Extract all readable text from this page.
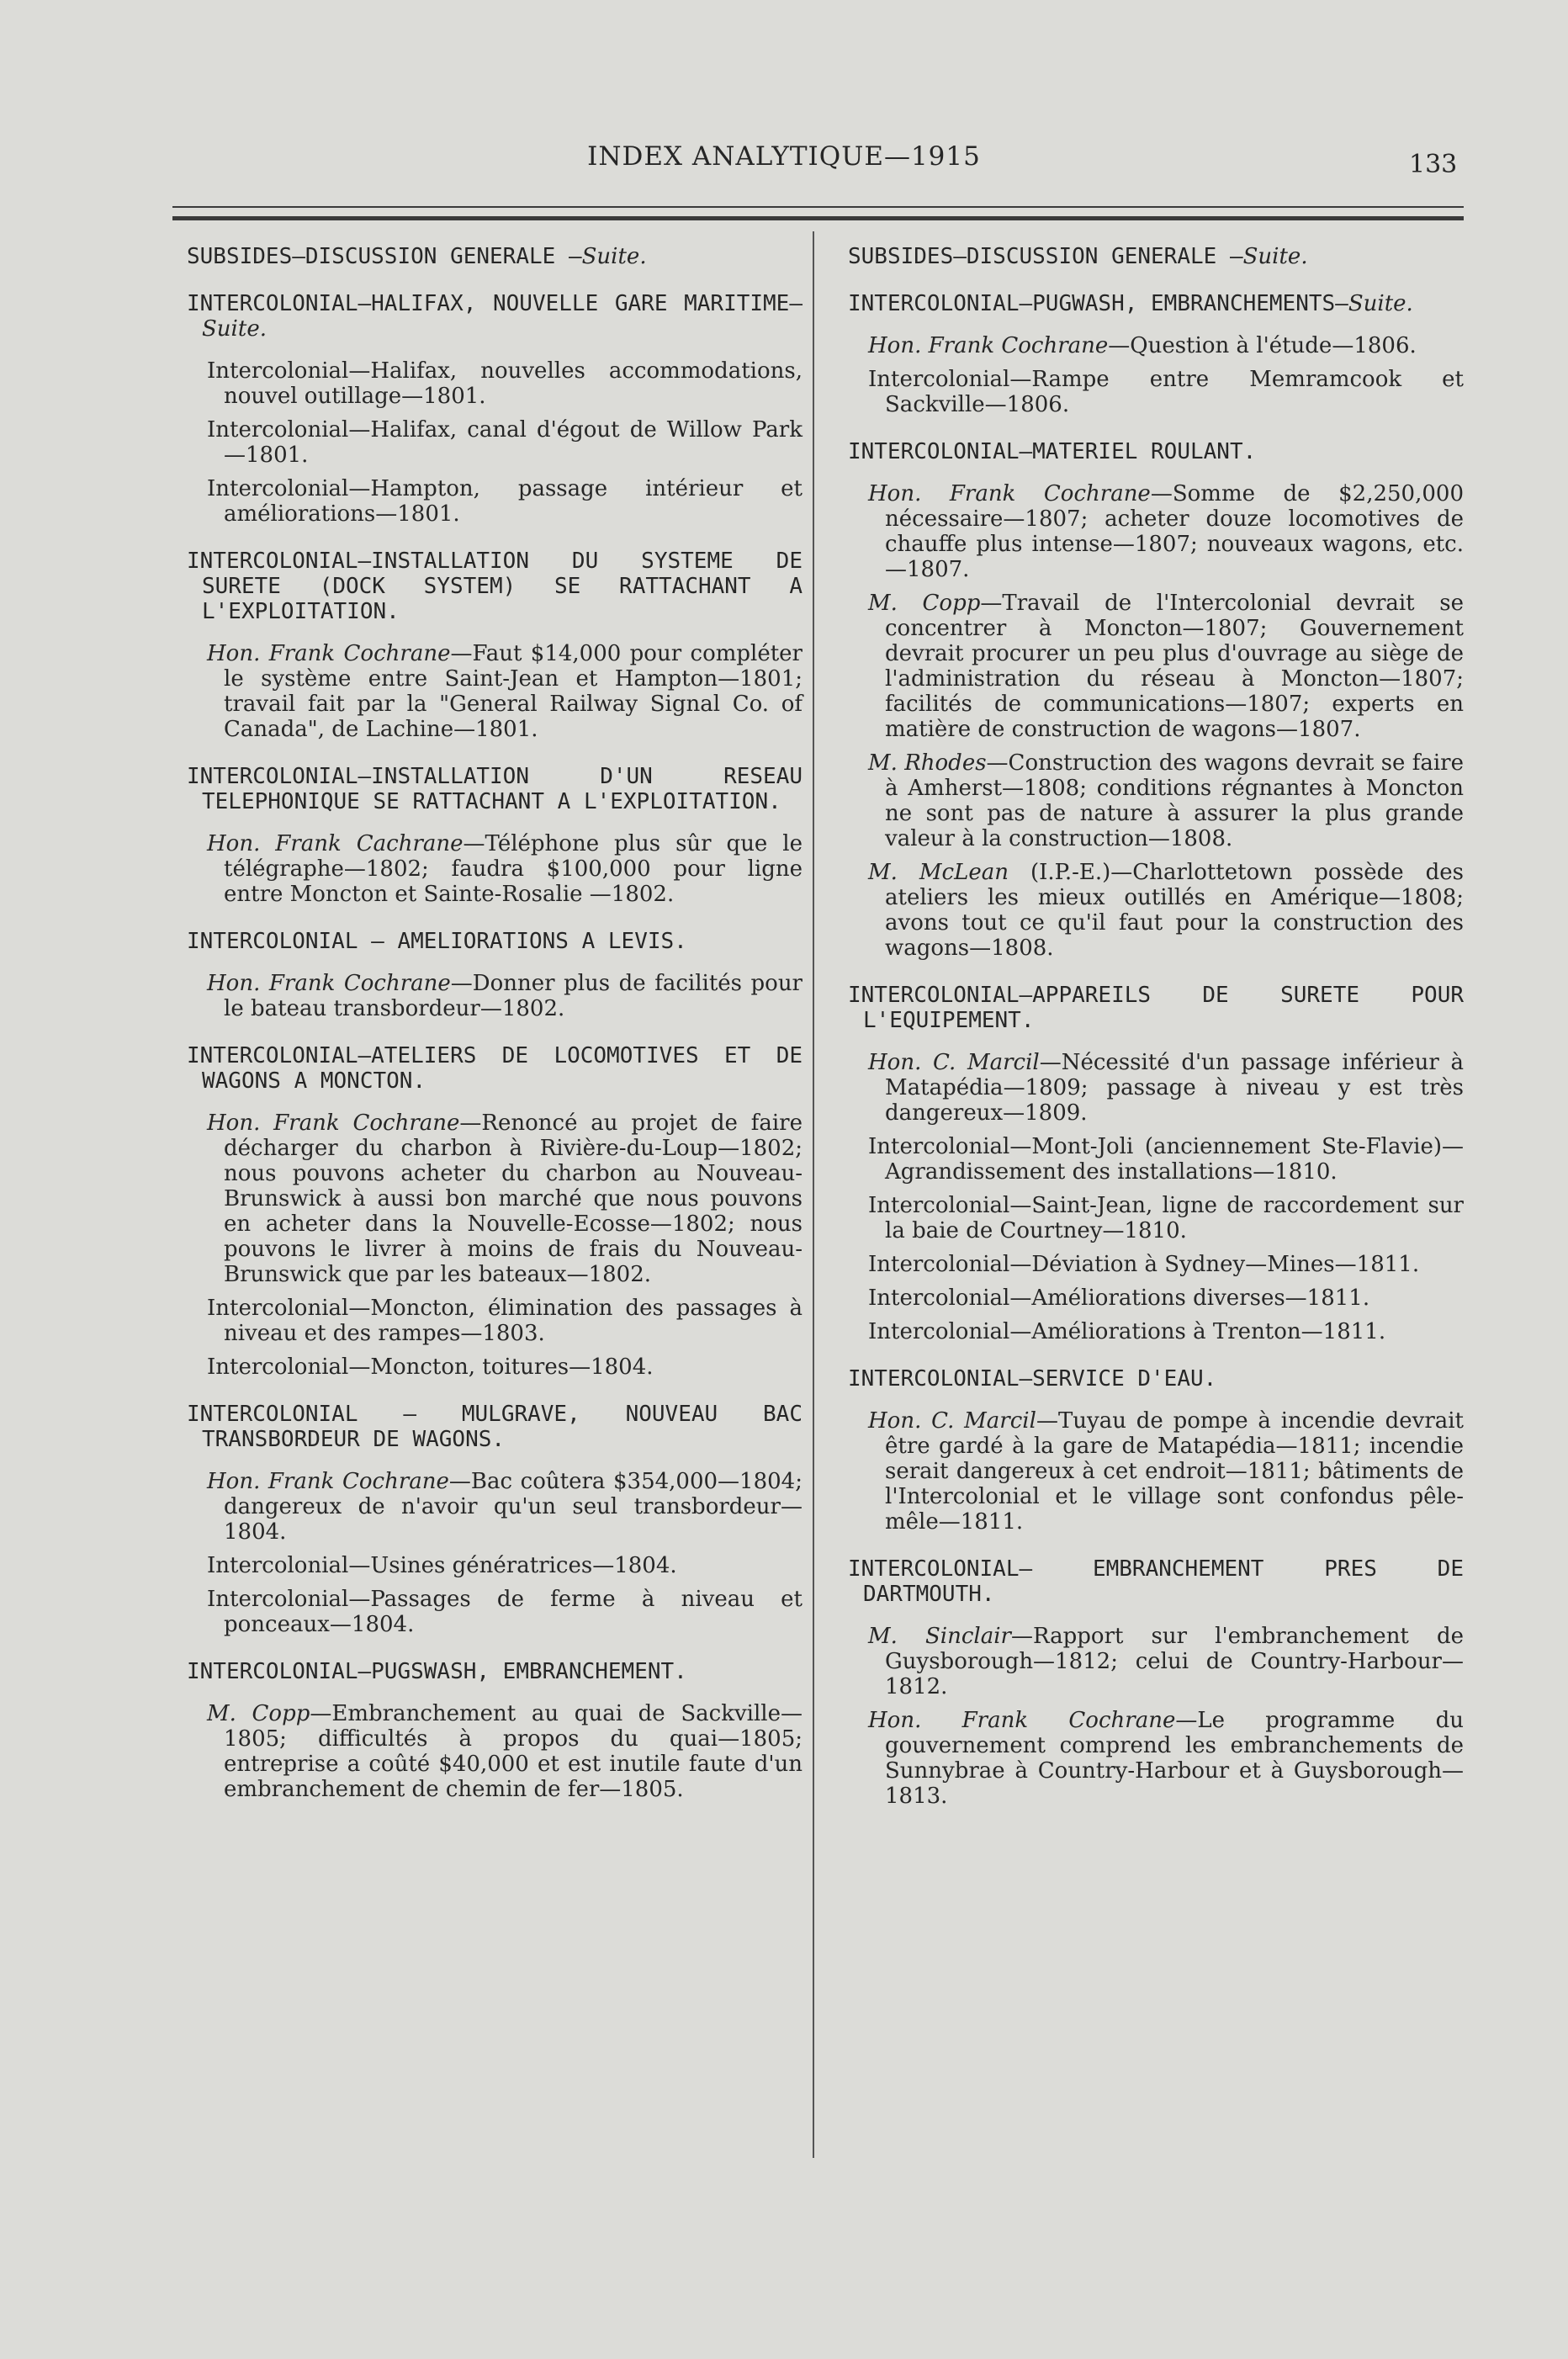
INDEX ANALYTIQUE—1915	133
SUBSIDES—DISCUSSION GENERALE —Suite.
INTERCOLONIAL—HALIFAX, NOUVELLE GARE MARITIME—Suite.
Intercolonial—Halifax, nouvelles accommodations, nouvel outillage—1801.
Intercolonial—Halifax, canal d'égout de Willow Park—1801.
Intercolonial—Hampton, passage intérieur et améliorations—1801.
INTERCOLONIAL—INSTALLATION DU SYSTEME DE SURETE (DOCK SYSTEM) SE RATTACHANT A L'EXPLOITATION.
Hon. Frank Cochrane—Faut $14,000 pour compléter le système entre Saint-Jean et Hampton—1801; travail fait par la "General Railway Signal Co. of Canada", de Lachine—1801.
INTERCOLONIAL—INSTALLATION D'UN RESEAU TELEPHONIQUE SE RATTACHANT A L'EXPLOITATION.
Hon. Frank Cachrane—Téléphone plus sûr que le télégraphe—1802; faudra $100,000 pour ligne entre Moncton et Sainte-Rosalie —1802.
INTERCOLONIAL — AMELIORATIONS A LEVIS.
Hon. Frank Cochrane—Donner plus de facilités pour le bateau transbordeur—1802.
INTERCOLONIAL—ATELIERS DE LOCOMOTIVES ET DE WAGONS A MONCTON.
Hon. Frank Cochrane—Renoncé au projet de faire décharger du charbon à Rivière-du-Loup—1802; nous pouvons acheter du charbon au Nouveau-Brunswick à aussi bon marché que nous pouvons en acheter dans la Nouvelle-Ecosse—1802; nous pouvons le livrer à moins de frais du Nouveau-Brunswick que par les bateaux—1802.
Intercolonial—Moncton, élimination des passages à niveau et des rampes—1803.
Intercolonial—Moncton, toitures—1804.
INTERCOLONIAL — MULGRAVE, NOUVEAU BAC TRANSBORDEUR DE WAGONS.
Hon. Frank Cochrane—Bac coûtera $354,000—1804; dangereux de n'avoir qu'un seul transbordeur—1804.
Intercolonial—Usines génératrices—1804.
Intercolonial—Passages de ferme à niveau et ponceaux—1804.
INTERCOLONIAL—PUGSWASH, EMBRANCHEMENT.
M. Copp—Embranchement au quai de Sackville—1805; difficultés à propos du quai—1805; entreprise a coûté $40,000 et est inutile faute d'un embranchement de chemin de fer—1805.
SUBSIDES—DISCUSSION GENERALE —Suite.
INTERCOLONIAL—PUGWASH, EMBRANCHEMENTS—Suite.
Hon. Frank Cochrane—Question à l'étude—1806.
Intercolonial—Rampe entre Memramcook et Sackville—1806.
INTERCOLONIAL—MATERIEL ROULANT.
Hon. Frank Cochrane—Somme de $2,250,000 nécessaire—1807; acheter douze locomotives de chauffe plus intense—1807; nouveaux wagons, etc.—1807.
M. Copp—Travail de l'Intercolonial devrait se concentrer à Moncton—1807; Gouvernement devrait procurer un peu plus d'ouvrage au siège de l'administration du réseau à Moncton—1807; facilités de communications—1807; experts en matière de construction de wagons—1807.
M. Rhodes—Construction des wagons devrait se faire à Amherst—1808; conditions régnantes à Moncton ne sont pas de nature à assurer la plus grande valeur à la construction—1808.
M. McLean (I.P.-E.)—Charlottetown possède des ateliers les mieux outillés en Amérique—1808; avons tout ce qu'il faut pour la construction des wagons—1808.
INTERCOLONIAL—APPAREILS DE SURETE POUR L'EQUIPEMENT.
Hon. C. Marcil—Nécessité d'un passage inférieur à Matapédia—1809; passage à niveau y est très dangereux—1809.
Intercolonial—Mont-Joli (anciennement Ste-Flavie)—Agrandissement des installations—1810.
Intercolonial—Saint-Jean, ligne de raccordement sur la baie de Courtney—1810.
Intercolonial—Déviation à Sydney—Mines—1811.
Intercolonial—Améliorations diverses—1811.
Intercolonial—Améliorations à Trenton—1811.
INTERCOLONIAL—SERVICE D'EAU.
Hon. C. Marcil—Tuyau de pompe à incendie devrait être gardé à la gare de Matapédia—1811; incendie serait dangereux à cet endroit—1811; bâtiments de l'Intercolonial et le village sont confondus pêle-mêle—1811.
INTERCOLONIAL— EMBRANCHEMENT PRES DE DARTMOUTH.
M. Sinclair—Rapport sur l'embranchement de Guysborough—1812; celui de Country-Harbour—1812.
Hon. Frank Cochrane—Le programme du gouvernement comprend les embranchements de Sunnybrae à Country-Harbour et à Guysborough—1813.
